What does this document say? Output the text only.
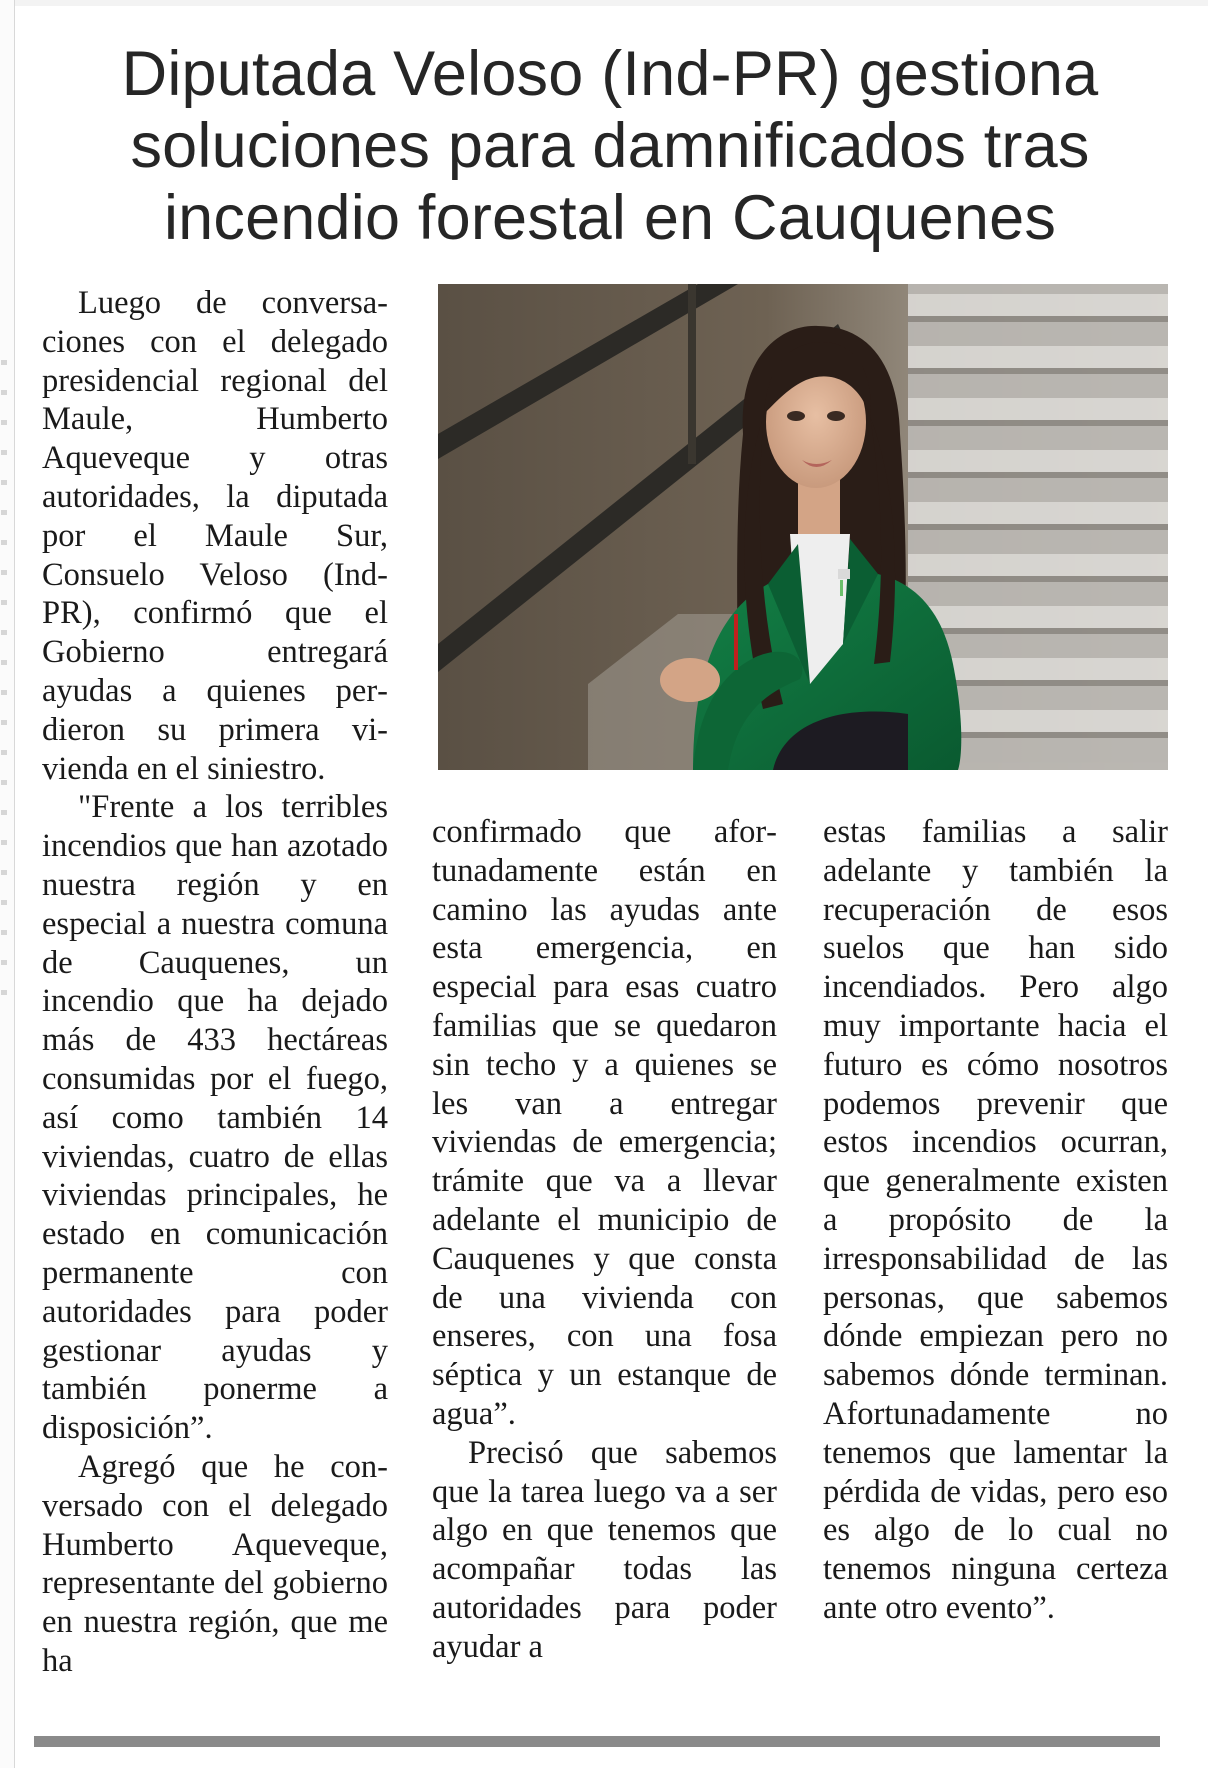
Diputada Veloso (Ind-PR) gestiona
soluciones para damnificados tras
incendio forestal en Cauquenes

Luego de conversaciones con el delegado presidencial regional del Maule, Humberto Aqueveque y otras autoridades, la diputada por el Maule Sur, Consuelo Veloso (Ind-PR), confirmó que el Gobierno entregará ayudas a quienes perdieron su primera vivienda en el siniestro.

"Frente a los terribles incendios que han azotado nuestra región y en especial a nuestra comuna de Cauquenes, un incendio que ha dejado más de 433 hectáreas consumidas por el fuego, así como también 14 viviendas, cuatro de ellas viviendas principales, he estado en comunicación permanente con autoridades para poder gestionar ayudas y también ponerme a disposición”.

Agregó que he conversado con el delegado Humberto Aqueveque, representante del gobierno en nuestra región, que me ha

confirmado que afortunadamente están en camino las ayudas ante esta emergencia, en especial para esas cuatro familias que se quedaron sin techo y a quienes se les van a entregar viviendas de emergencia; trámite que va a llevar adelante el municipio de Cauquenes y que consta de una vivienda con enseres, con una fosa séptica y un estanque de agua”.

Precisó que sabemos que la tarea luego va a ser algo en que tenemos que acompañar todas las autoridades para poder ayudar a

estas familias a salir adelante y también la recuperación de esos suelos que han sido incendiados. Pero algo muy importante hacia el futuro es cómo nosotros podemos prevenir que estos incendios ocurran, que generalmente existen a propósito de la irresponsabilidad de las personas, que sabemos dónde empiezan pero no sabemos dónde terminan. Afortunadamente no tenemos que lamentar la pérdida de vidas, pero eso es algo de lo cual no tenemos ninguna certeza ante otro evento”.
